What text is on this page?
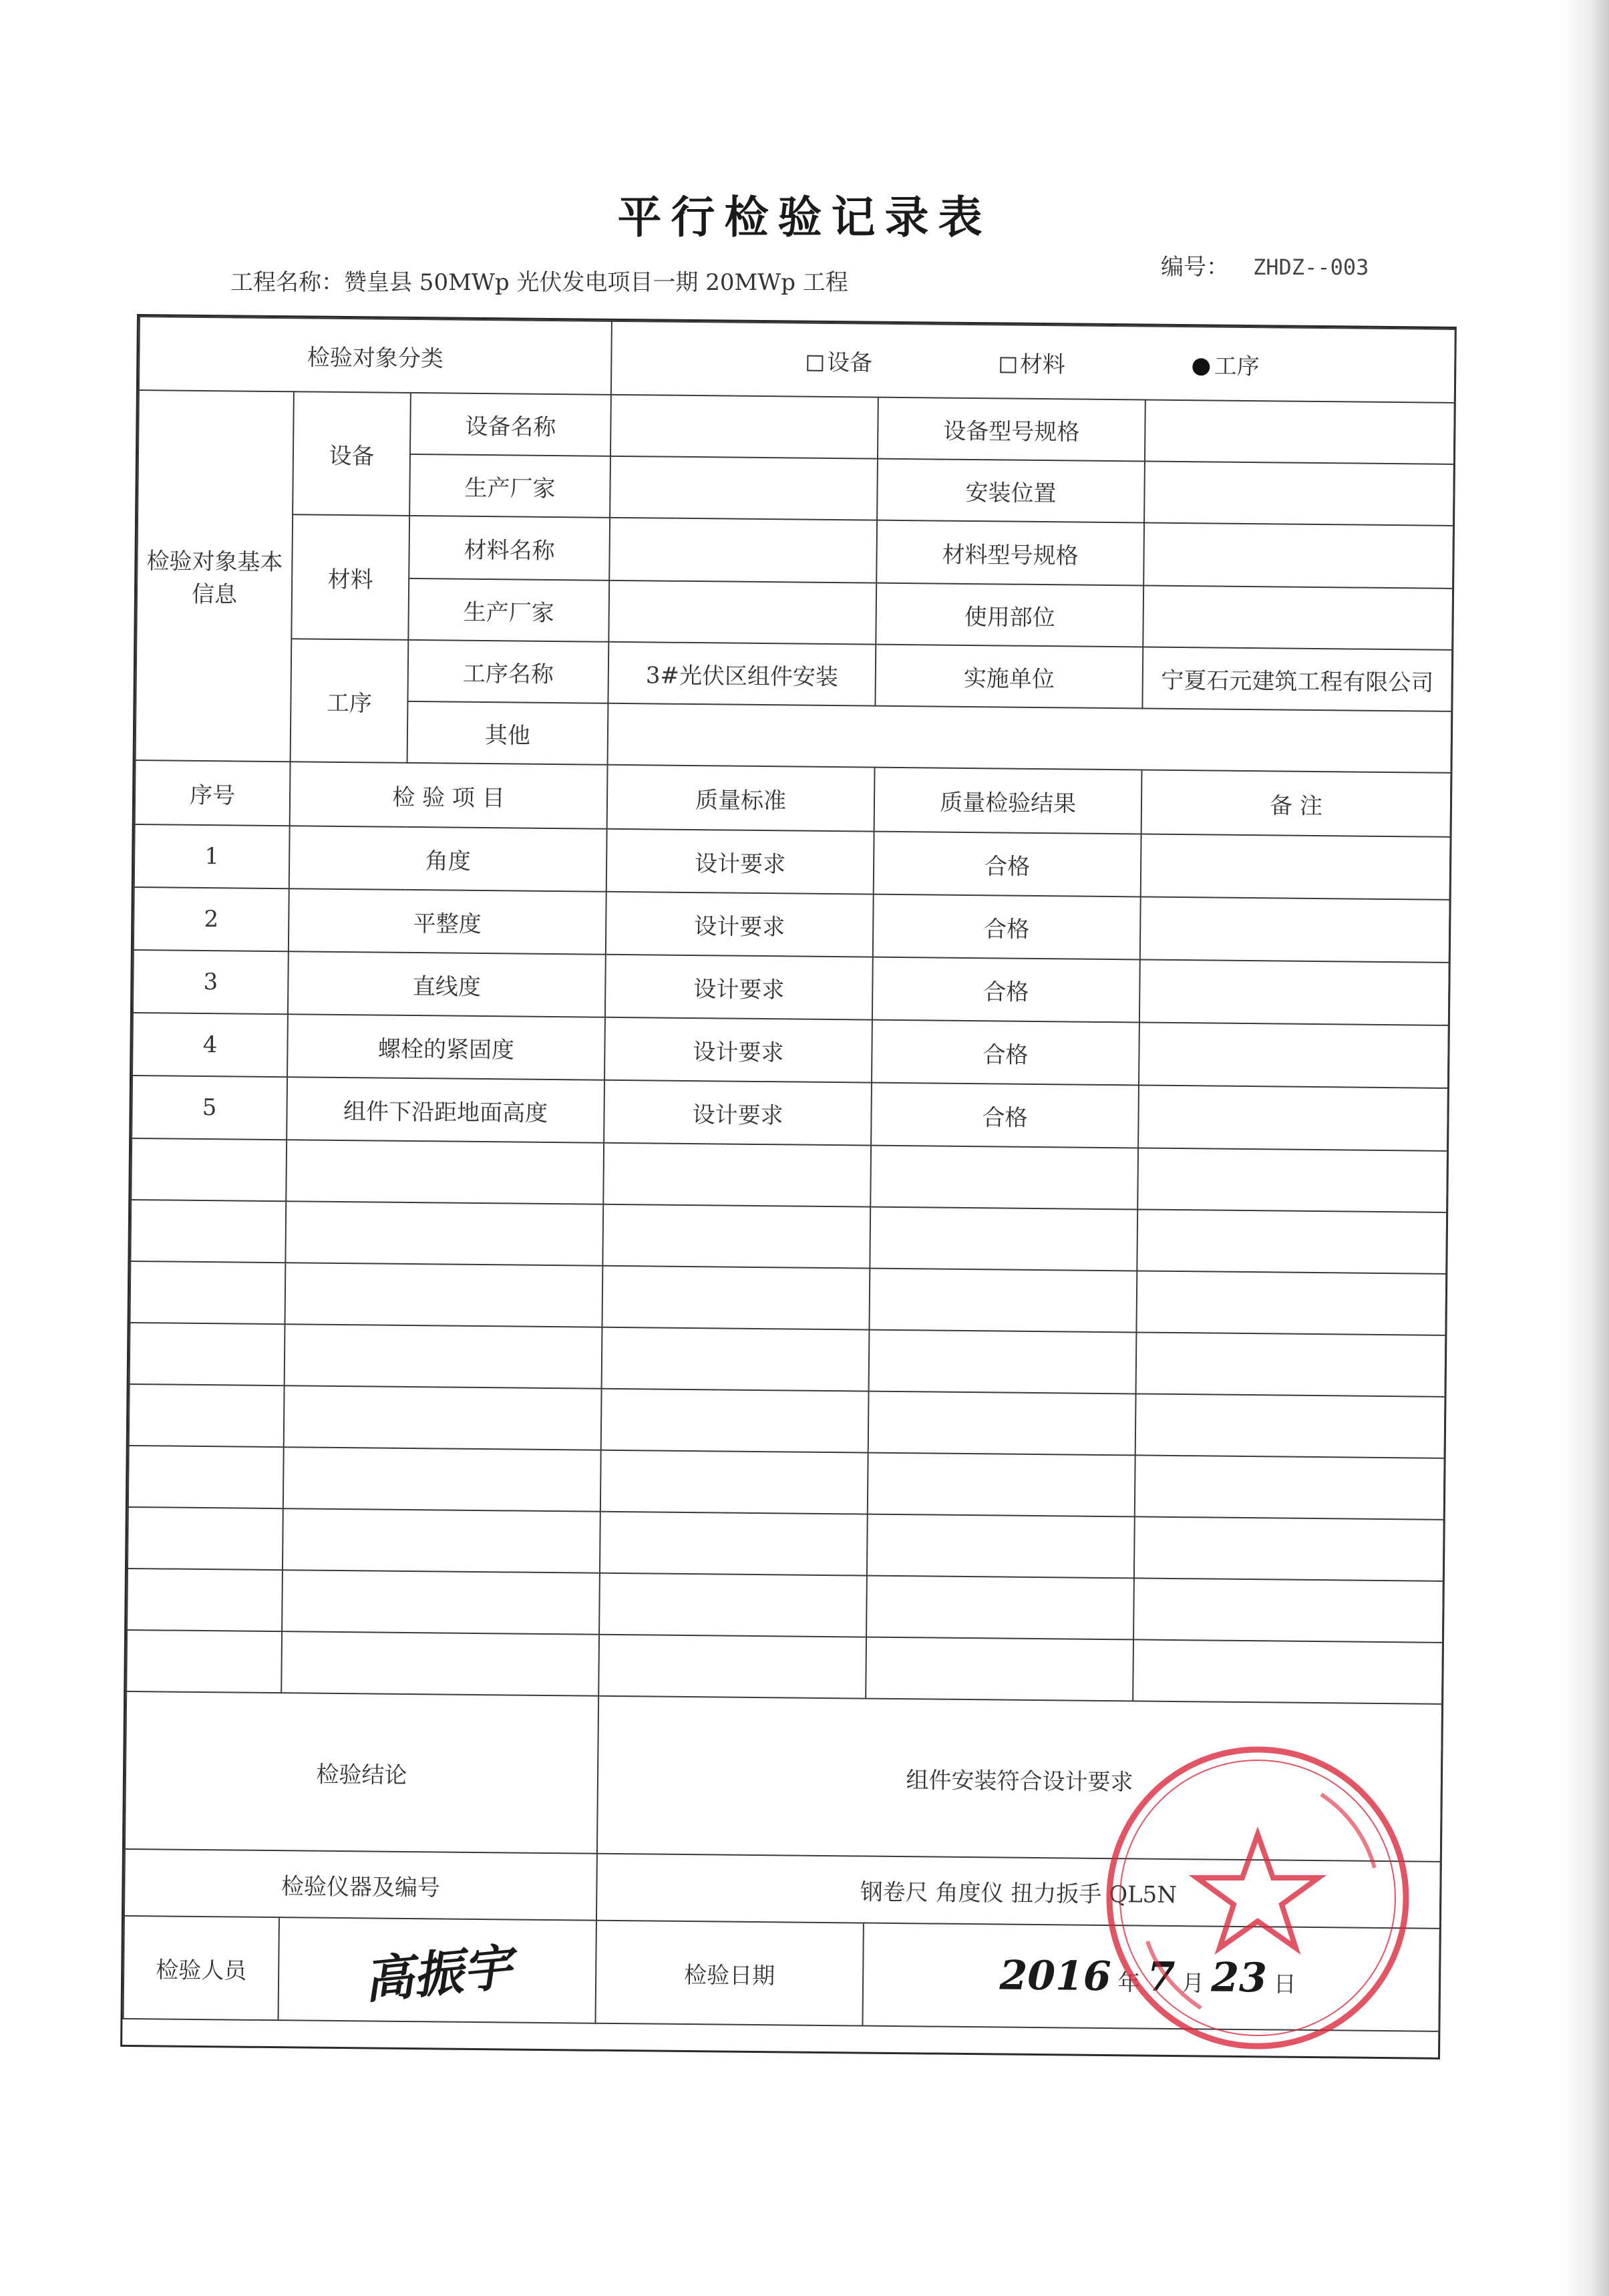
平行检验记录表
工程名称：赞皇县 50MWp 光伏发电项目一期 20MWp 工程
编号： ZHDZ--003
检验对象分类			设备 材料 工序		
检验对象基本信息	设备	设备名称		设备型号规格	
		生产厂家		安装位置	
	材料	材料名称		材料型号规格	
		生产厂家		使用部位	
	工序	工序名称	3#光伏区组件安装	实施单位	宁夏石元建筑工程有限公司
		其他			
序号	检 验 项 目		质量标准	质量检验结果	备 注
1	角度		设计要求	合格	
2	平整度		设计要求	合格	
3	直线度		设计要求	合格	
4	螺栓的紧固度		设计要求	合格	
5	组件下沿距地面高度		设计要求	合格	

检验结论			组件安装符合设计要求		
检验仪器及编号			钢卷尺 角度仪 扭力扳手 QL5N		
检验人员	高振宇		检验日期	2016 年 7 月 23 日	
